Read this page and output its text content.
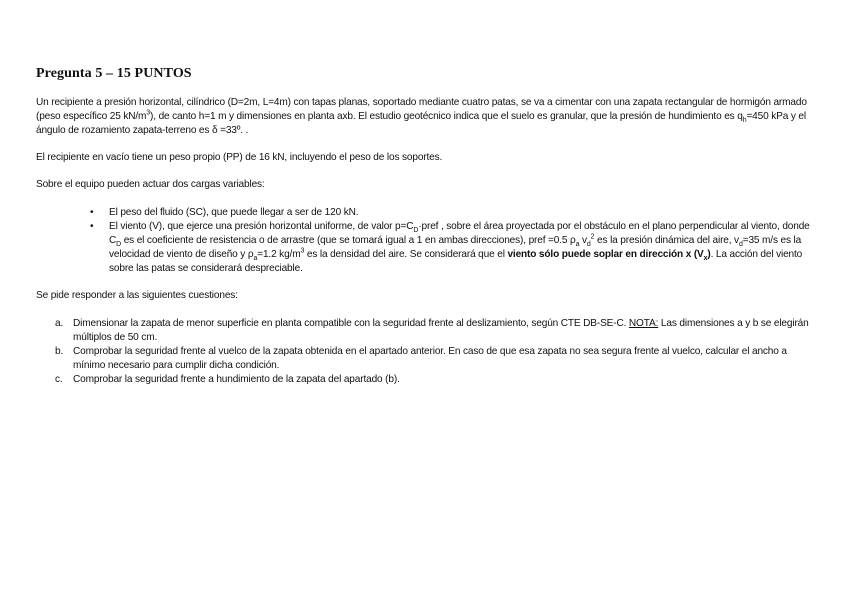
Pregunta 5 – 15 PUNTOS

Un recipiente a presión horizontal, cilíndrico (D=2m, L=4m) con tapas planas, soportado mediante cuatro patas, se va a cimentar con una zapata rectangular de hormigón armado (peso específico 25 $kN/m^3$), de canto h=1 m y dimensiones en planta axb. El estudio geotécnico indica que el suelo es granular, que la presión de hundimiento es $q_h=450$ kPa y el ángulo de rozamiento zapata-terreno es δ =33º. .

El recipiente en vacío tiene un peso propio (PP) de 16 kN, incluyendo el peso de los soportes.

Sobre el equipo pueden actuar dos cargas variables:

• El peso del fluido (SC), que puede llegar a ser de 120 kN.
• El viento (V), que ejerce una presión horizontal uniforme, de valor $p=C_D\cdot pref$ , sobre el área proyectada por el obstáculo en el plano perpendicular al viento, donde $C_D$ es el coeficiente de resistencia o de arrastre (que se tomará igual a 1 en ambas direcciones), pref =0.5 $\rho_a$ $v_d^2$ es la presión dinámica del aire, $v_d=35$ m/s es la velocidad de viento de diseño y $\rho_a=1.2$ $kg/m^3$ es la densidad del aire. Se considerará que el viento sólo puede soplar en dirección x $(V_x)$. La acción del viento sobre las patas se considerará despreciable.

Se pide responder a las siguientes cuestiones:

a. Dimensionar la zapata de menor superficie en planta compatible con la seguridad frente al deslizamiento, según CTE DB-SE-C. NOTA: Las dimensiones a y b se elegirán múltiplos de 50 cm.
b. Comprobar la seguridad frente al vuelco de la zapata obtenida en el apartado anterior. En caso de que esa zapata no sea segura frente al vuelco, calcular el ancho a mínimo necesario para cumplir dicha condición.
c. Comprobar la seguridad frente a hundimiento de la zapata del apartado (b).
